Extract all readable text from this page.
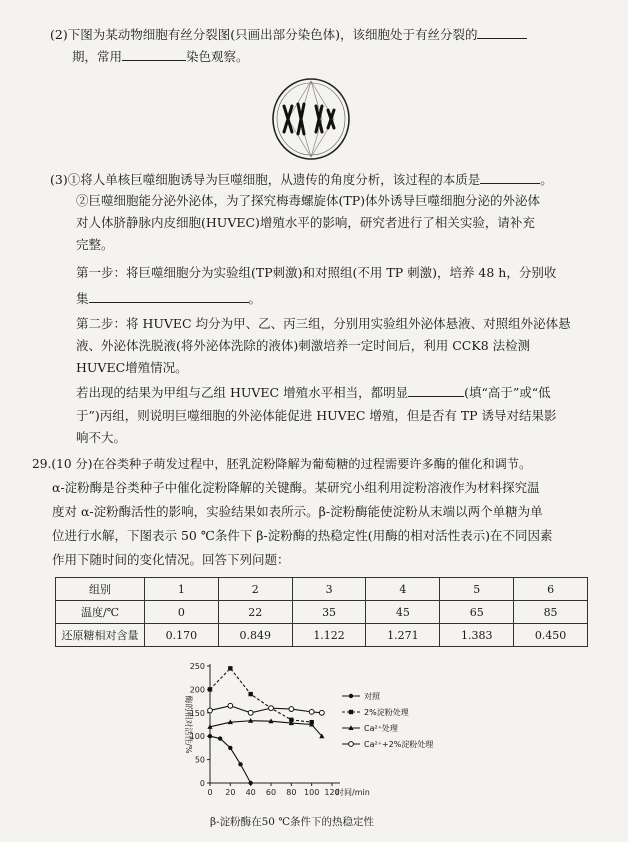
(2)下图为某动物细胞有丝分裂图(只画出部分染色体)，该细胞处于有丝分裂的
期，常用	染色观察。
(3)①将人单核巨噬细胞诱导为巨噬细胞，从遗传的角度分析，该过程的本质是	。
②巨噬细胞能分泌外泌体，为了探究梅毒螺旋体(TP)体外诱导巨噬细胞分泌的外泌体
对人体脐静脉内皮细胞(HUVEC)增殖水平的影响，研究者进行了相关实验，请补充
完整。
第一步：将巨噬细胞分为实验组(TP刺激)和对照组(不用 TP 刺激)，培养 48 h，分别收
集	。
第二步：将 HUVEC 均分为甲、乙、丙三组，分别用实验组外泌体悬液、对照组外泌体悬
液、外泌体洗脱液(将外泌体洗除的液体)刺激培养一定时间后，利用 CCK8 法检测
HUVEC增殖情况。
若出现的结果为甲组与乙组 HUVEC 增殖水平相当，都明显	(填“高于”或“低
于”)丙组，则说明巨噬细胞的外泌体能促进 HUVEC 增殖，但是否有 TP 诱导对结果影
响不大。
29.(10 分)在谷类种子萌发过程中，胚乳淀粉降解为葡萄糖的过程需要许多酶的催化和调节。
α-淀粉酶是谷类种子中催化淀粉降解的关键酶。某研究小组利用淀粉溶液作为材料探究温
度对 α-淀粉酶活性的影响，实验结果如表所示。β-淀粉酶能使淀粉从末端以两个单糖为单
位进行水解，下图表示 50 ℃条件下 β-淀粉酶的热稳定性(用酶的相对活性表示)在不同因素
作用下随时间的变化情况。回答下列问题：
组别	1	2	3	4	5	6
温度/℃	0	22	35	45	65	85
还原糖相对含量	0.170	0.849	1.122	1.271	1.383	0.450
0
50
100
150
200
250
0 20 40 60 80 100 120
时间/min
酶的相对活性/%	对照
2%淀粉处理
Ca²⁺处理
Ca²⁺+2%淀粉处理
β-淀粉酶在50 ℃条件下的热稳定性
